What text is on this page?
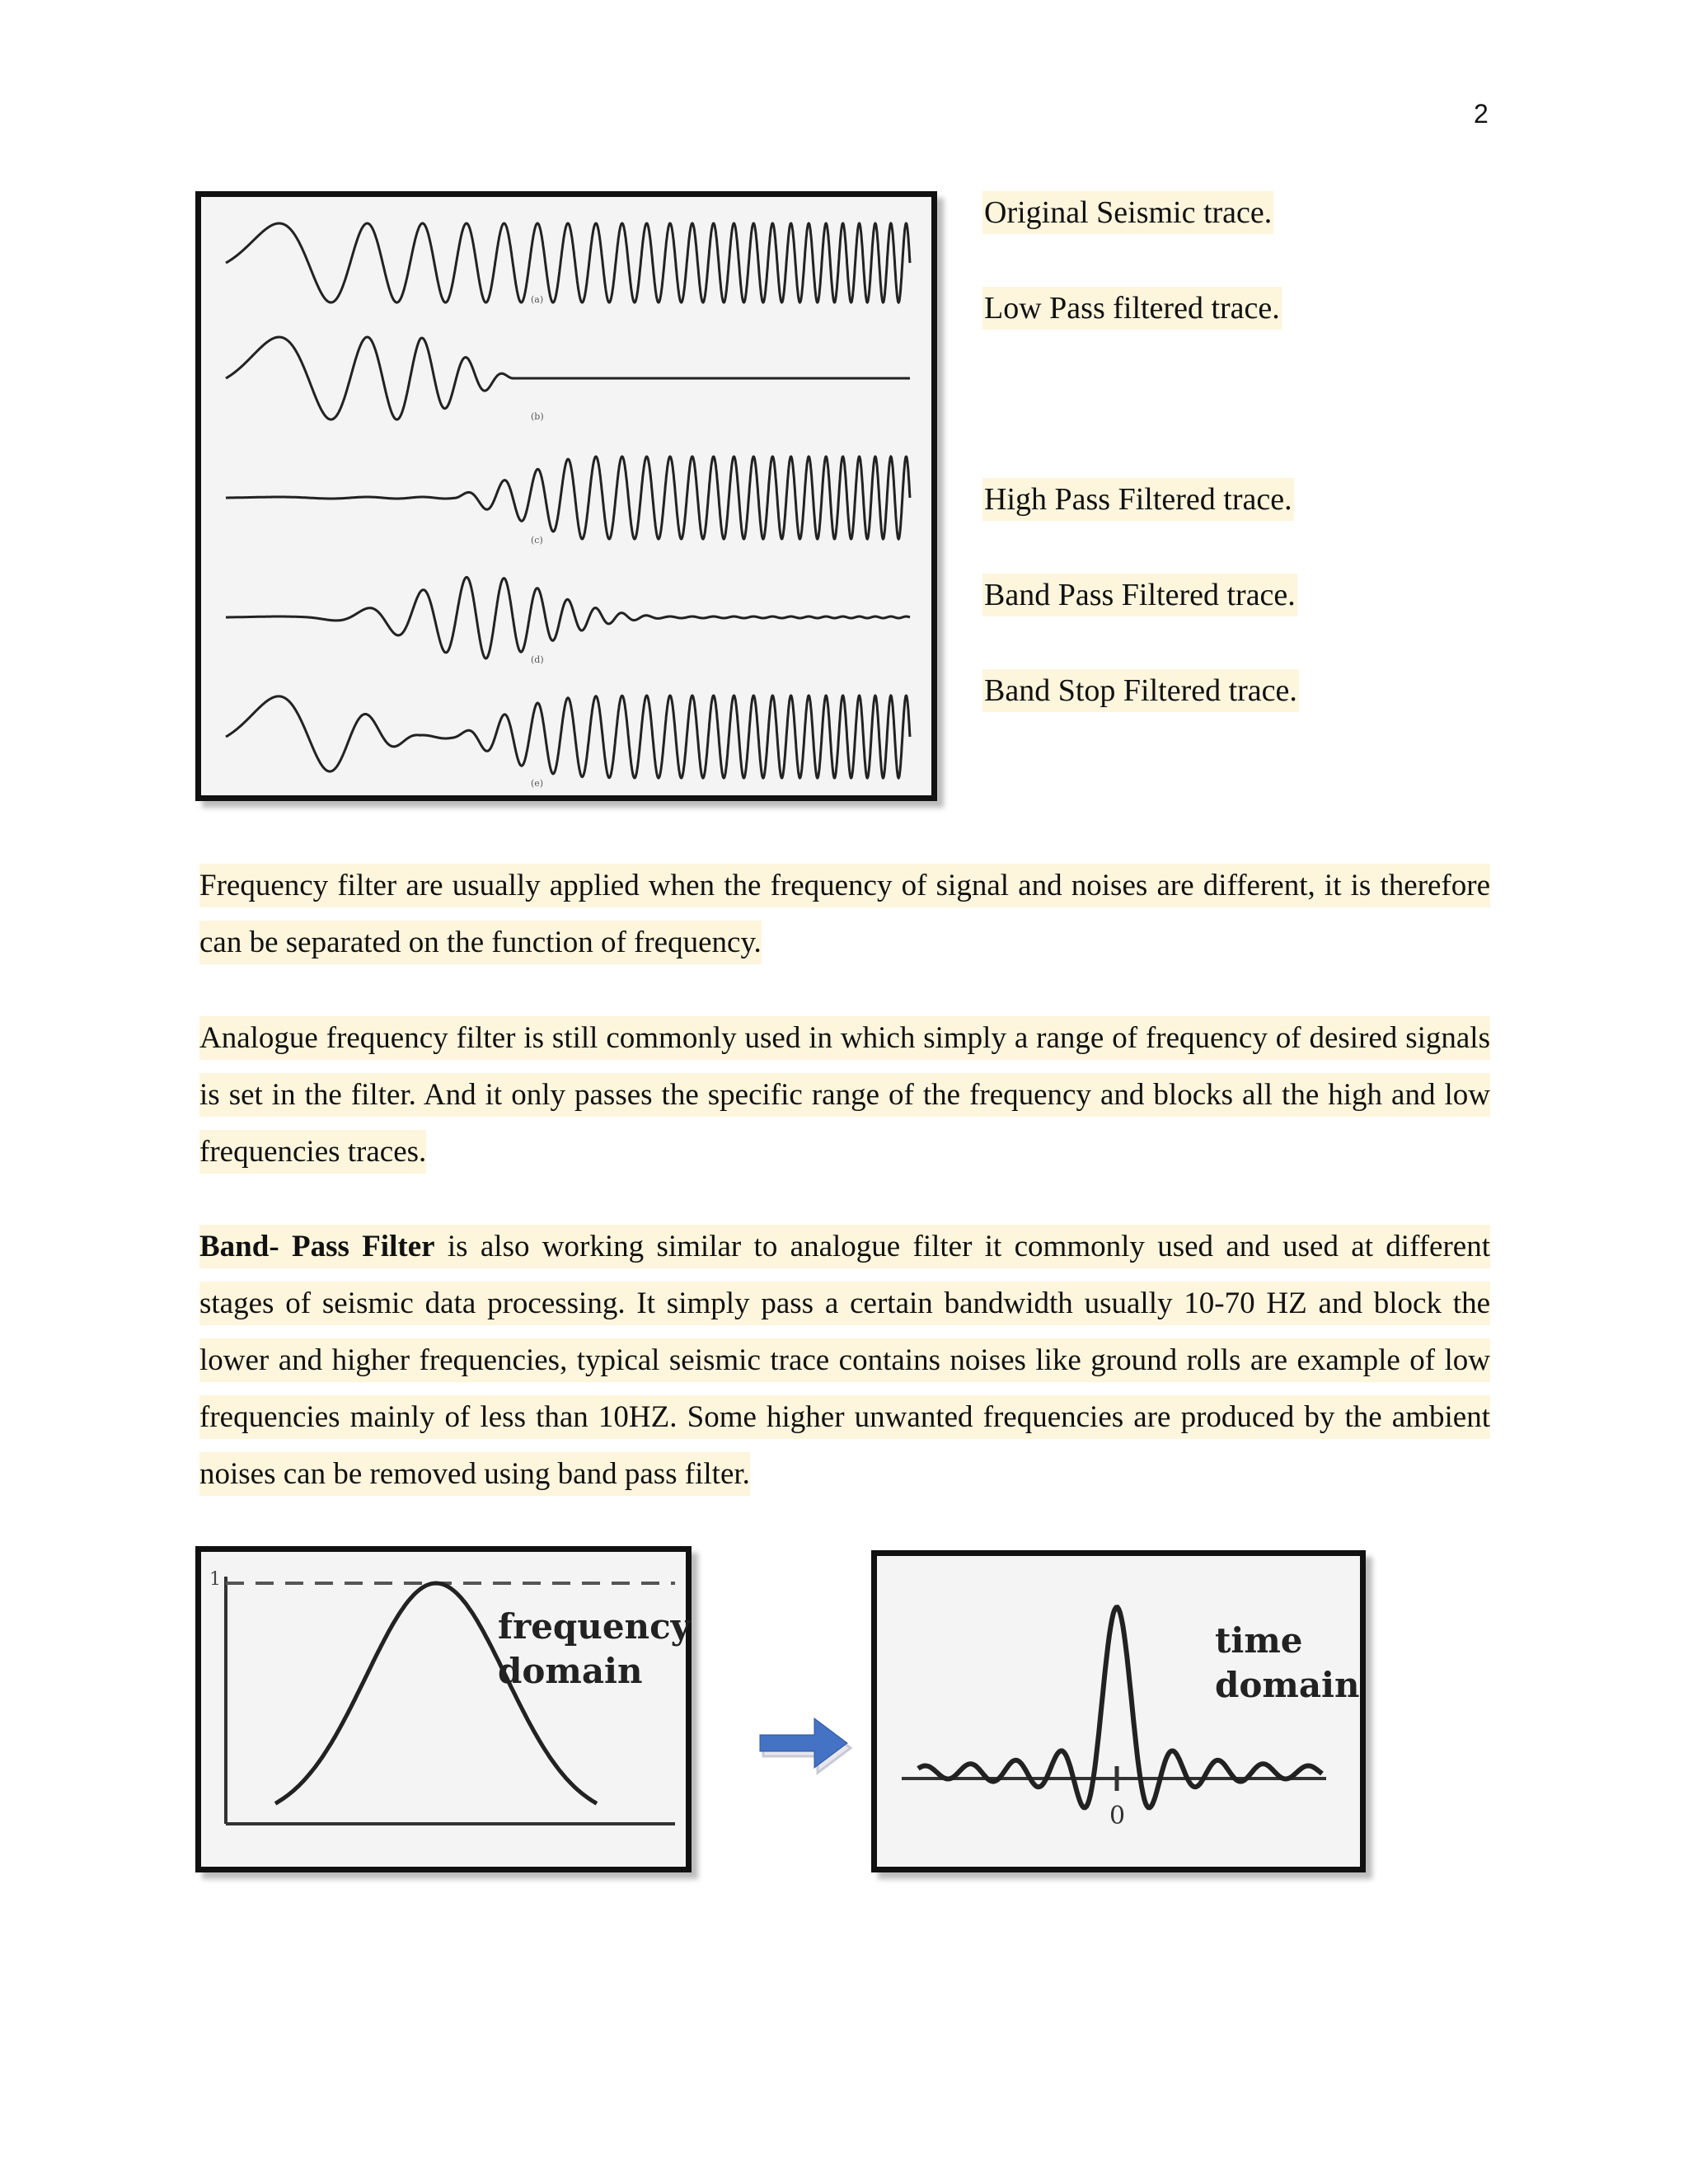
2
(a)
(b)
(c)
(d)
(e)
Original Seismic trace.
Low Pass filtered trace.
High Pass Filtered trace.
Band Pass Filtered trace.
Band Stop Filtered trace.
Frequency filter are usually applied when the frequency of signal and noises are different, it is therefore can be separated on the function of frequency.
Analogue frequency filter is still commonly used in which simply a range of frequency of desired signals is set in the filter. And it only passes the specific range of the frequency and blocks all the high and low frequencies traces.
Band- Pass Filter is also working similar to analogue filter it commonly used and used at different stages of seismic data processing. It simply pass a certain bandwidth usually 10-70 HZ and block the lower and higher frequencies, typical seismic trace contains noises like ground rolls are example of low frequencies mainly of less than 10HZ. Some higher unwanted frequencies are produced by the ambient noises can be removed using band pass filter.
1
frequency
domain
0
time
domain
